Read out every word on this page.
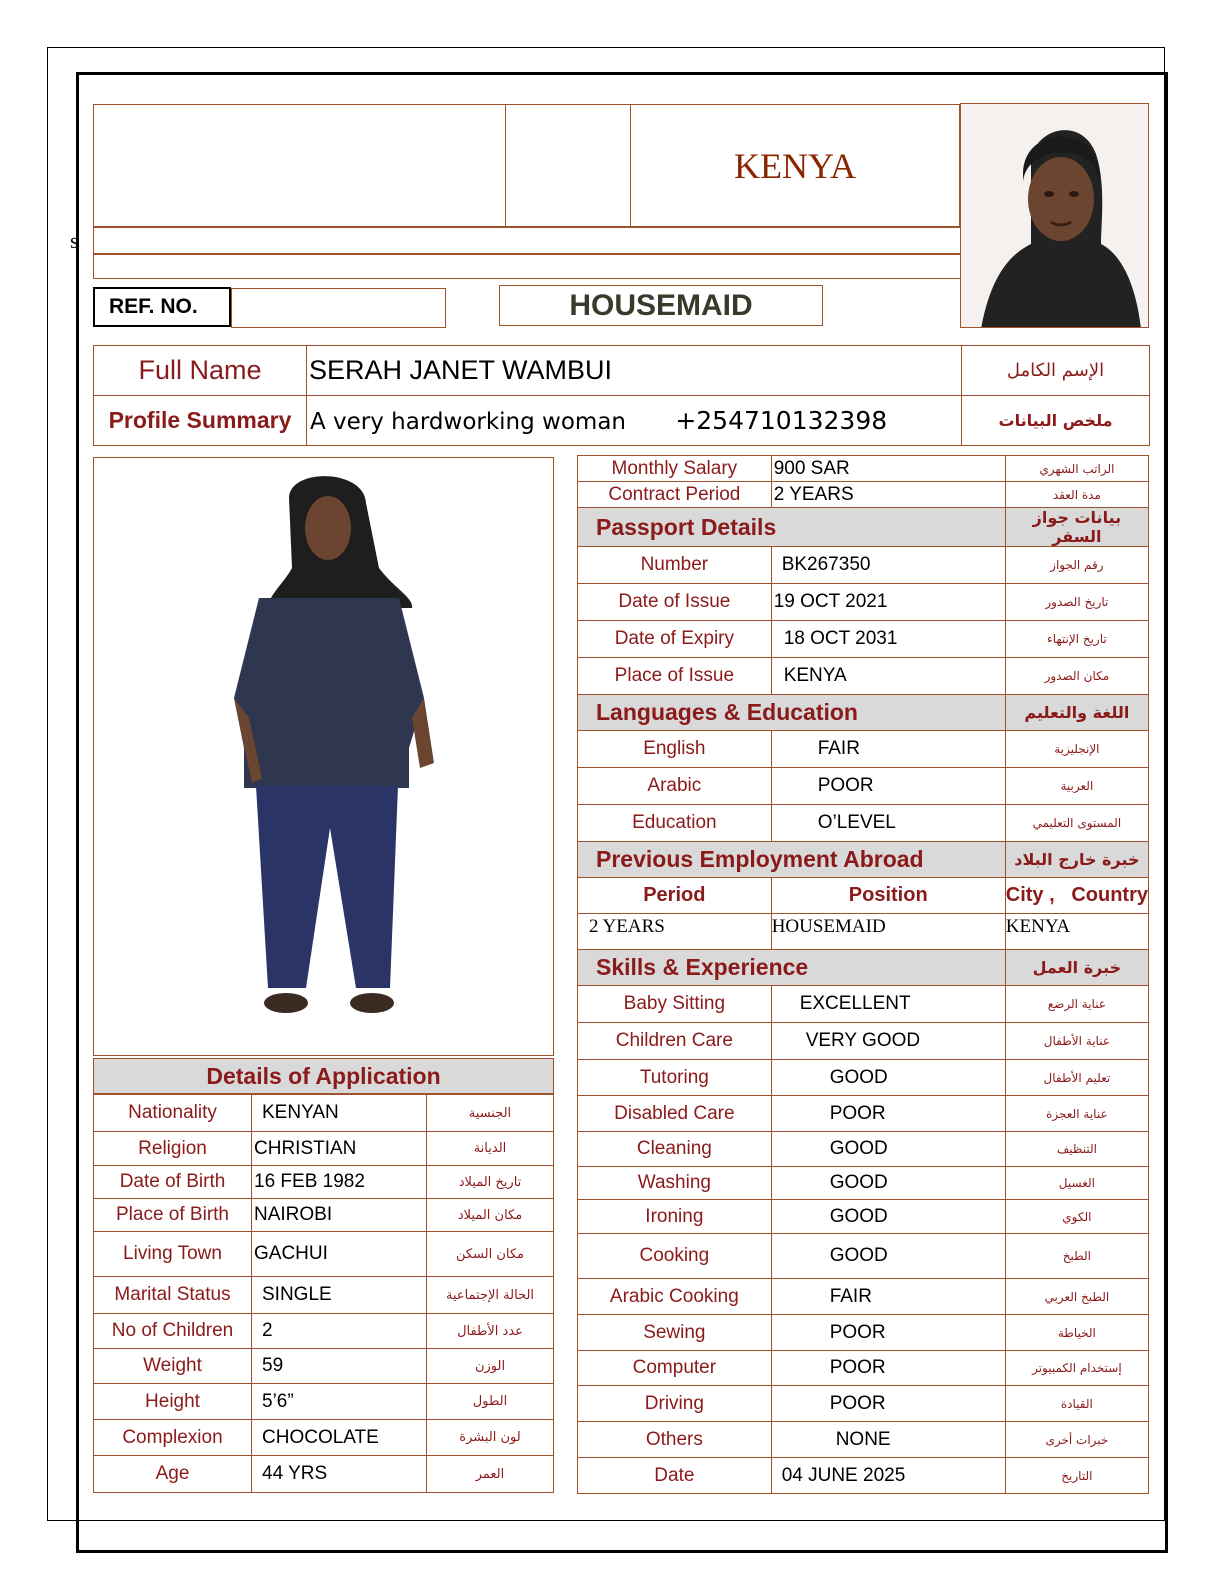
s
KENYA
REF. NO.	HOUSEMAID
Full Name	SERAH JANET WAMBUI	الإسم الكامل
Profile Summary	A very hardworking woman +254710132398	ملخص البيانات
Details of Application
Nationality	KENYAN	الجنسية
Religion	CHRISTIAN	الديانة
Date of Birth	16 FEB 1982	تاريخ الميلاد
Place of Birth	NAIROBI	مكان الميلاد
Living Town	GACHUI	مكان السكن
Marital Status	SINGLE	الحالة الإجتماعية
No of Children	2	عدد الأطفال
Weight	59	الوزن
Height	5’6”	الطول
Complexion	CHOCOLATE	لون البشرة
Age	44 YRS	العمر
Monthly Salary	900 SAR	الراتب الشهري
Contract Period	2 YEARS	مدة العقد
Passport Details		بيانات جواز السفر
Number	BK267350	رقم الجواز
Date of Issue	19 OCT 2021	تاريخ الصدور
Date of Expiry	18 OCT 2031	تاريخ الإنتهاء
Place of Issue	KENYA	مكان الصدور
Languages & Education		اللغة والتعليم
English	FAIR	الإنجليزية
Arabic	POOR	العربية
Education	O’LEVEL	المستوى التعليمي
Previous Employment Abroad		خبرة خارج البلاد
Period	Position	City ,   Country
2 YEARS	HOUSEMAID	KENYA
Skills & Experience		خبرة العمل
Baby Sitting	EXCELLENT	عناية الرضع
Children Care	VERY GOOD	عناية الأطفال
Tutoring	GOOD	تعليم الأطفال
Disabled Care	POOR	عناية العجزة
Cleaning	GOOD	التنظيف
Washing	GOOD	الغسيل
Ironing	GOOD	الكوي
Cooking	GOOD	الطبخ
Arabic Cooking	FAIR	الطبخ العربي
Sewing	POOR	الخياطة
Computer	POOR	إستخدام الكمبيوتر
Driving	POOR	القيادة
Others	NONE	خبرات أخرى
Date	04 JUNE 2025	التاريخ
